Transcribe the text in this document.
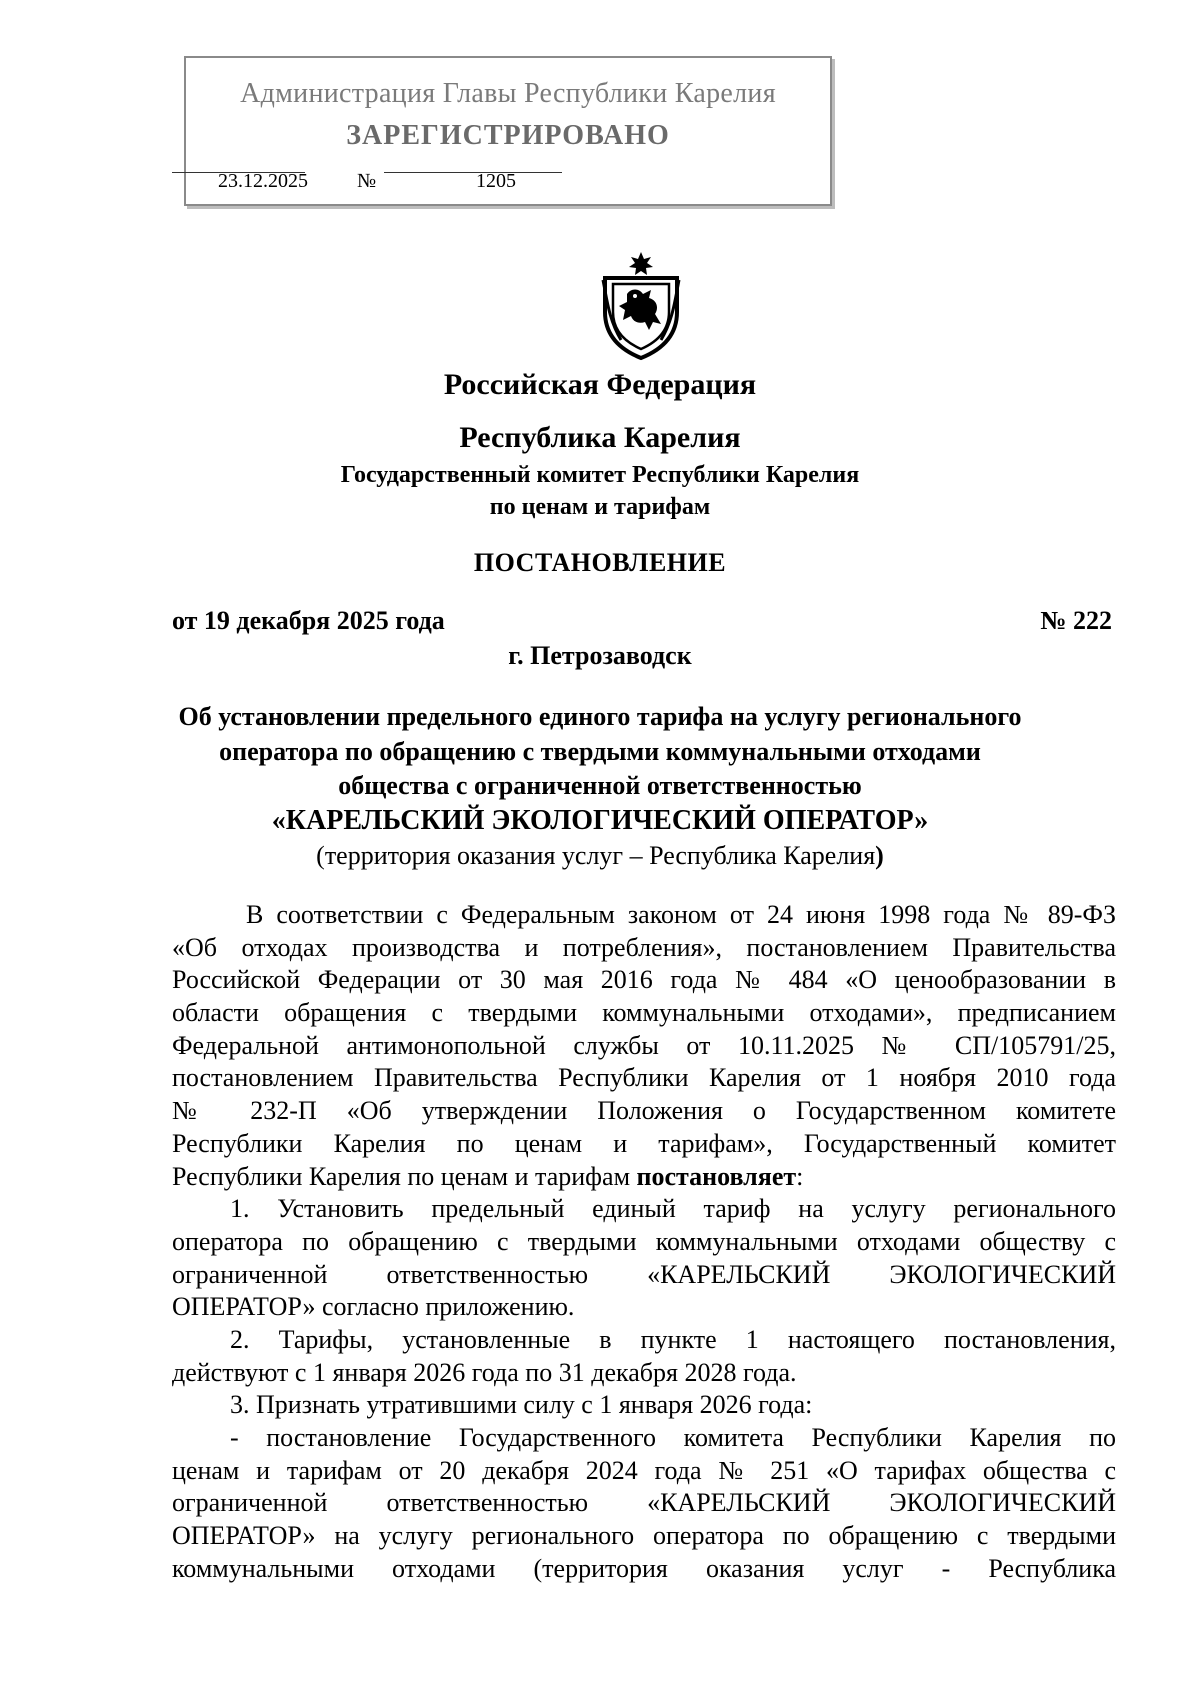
Администрация Главы Республики Карелия
ЗАРЕГИСТРИРОВАНО
23.12.2025 №	1205
Российская Федерация
Республика Карелия
Государственный комитет Республики Карелия
по ценам и тарифам
ПОСТАНОВЛЕНИЕ
от 19 декабря 2025 года	№ 222
г. Петрозаводск
Об установлении предельного единого тарифа на услугу регионального
оператора по обращению с твердыми коммунальными отходами
общества с ограниченной ответственностью
«КАРЕЛЬСКИЙ ЭКОЛОГИЧЕСКИЙ ОПЕРАТОР»
(территория оказания услуг – Республика Карелия)
В соответствии с Федеральным законом от 24 июня 1998 года № 89-ФЗ
«Об отходах производства и потребления», постановлением Правительства
Российской Федерации от 30 мая 2016 года № 484 «О ценообразовании в
области обращения с твердыми коммунальными отходами», предписанием
Федеральной антимонопольной службы от 10.11.2025 № СП/105791/25,
постановлением Правительства Республики Карелия от 1 ноября 2010 года
№ 232-П «Об утверждении Положения о Государственном комитете
Республики Карелия по ценам и тарифам», Государственный комитет
Республики Карелия по ценам и тарифам постановляет:
1. Установить предельный единый тариф на услугу регионального
оператора по обращению с твердыми коммунальными отходами обществу с
ограниченной ответственностью «КАРЕЛЬСКИЙ ЭКОЛОГИЧЕСКИЙ
ОПЕРАТОР» согласно приложению.
2. Тарифы, установленные в пункте 1 настоящего постановления,
действуют с 1 января 2026 года по 31 декабря 2028 года.
3. Признать утратившими силу с 1 января 2026 года:
- постановление Государственного комитета Республики Карелия по
ценам и тарифам от 20 декабря 2024 года № 251 «О тарифах общества с
ограниченной ответственностью «КАРЕЛЬСКИЙ ЭКОЛОГИЧЕСКИЙ
ОПЕРАТОР» на услугу регионального оператора по обращению с твердыми
коммунальными отходами (территория оказания услуг - Республика
